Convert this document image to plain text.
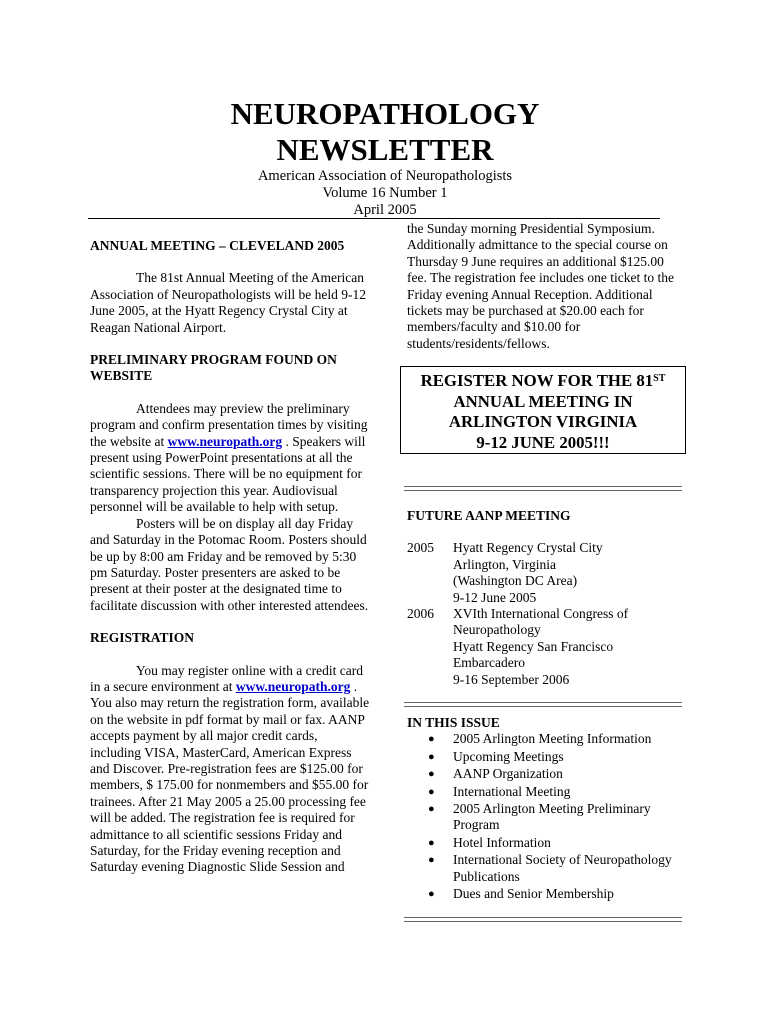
NEUROPATHOLOGY
NEWSLETTER
American Association of Neuropathologists
Volume 16 Number 1
April 2005

ANNUAL MEETING – CLEVELAND 2005

The 81st Annual Meeting of the American Association of Neuropathologists will be held 9-12 June 2005, at the Hyatt Regency Crystal City at Reagan National Airport.

PRELIMINARY PROGRAM FOUND ON WEBSITE

Attendees may preview the preliminary program and confirm presentation times by visiting the website at www.neuropath.org . Speakers will present using PowerPoint presentations at all the scientific sessions. There will be no equipment for transparency projection this year. Audiovisual personnel will be available to help with setup.

Posters will be on display all day Friday and Saturday in the Potomac Room. Posters should be up by 8:00 am Friday and be removed by 5:30 pm Saturday. Poster presenters are asked to be present at their poster at the designated time to facilitate discussion with other interested attendees.

REGISTRATION

You may register online with a credit card in a secure environment at www.neuropath.org . You also may return the registration form, available on the website in pdf format by mail or fax. AANP accepts payment by all major credit cards, including VISA, MasterCard, American Express and Discover. Pre-registration fees are $125.00 for members, $ 175.00 for nonmembers and $55.00 for trainees. After 21 May 2005 a 25.00 processing fee will be added. The registration fee is required for admittance to all scientific sessions Friday and Saturday, for the Friday evening reception and Saturday evening Diagnostic Slide Session and

the Sunday morning Presidential Symposium. Additionally admittance to the special course on Thursday 9 June requires an additional $125.00 fee. The registration fee includes one ticket to the Friday evening Annual Reception. Additional tickets may be purchased at $20.00 each for members/faculty and $10.00 for students/residents/fellows.

REGISTER NOW FOR THE 81ST
ANNUAL MEETING IN
ARLINGTON VIRGINIA
9-12 JUNE 2005!!!

FUTURE AANP MEETING

2005	Hyatt Regency Crystal City
Arlington, Virginia
(Washington DC Area)
9-12 June 2005
2006	XVIth International Congress of Neuropathology
Hyatt Regency San Francisco Embarcadero
9-16 September 2006

IN THIS ISSUE

● 2005 Arlington Meeting Information
● Upcoming Meetings
● AANP Organization
● International Meeting
● 2005 Arlington Meeting Preliminary Program
● Hotel Information
● International Society of Neuropathology Publications
● Dues and Senior Membership
